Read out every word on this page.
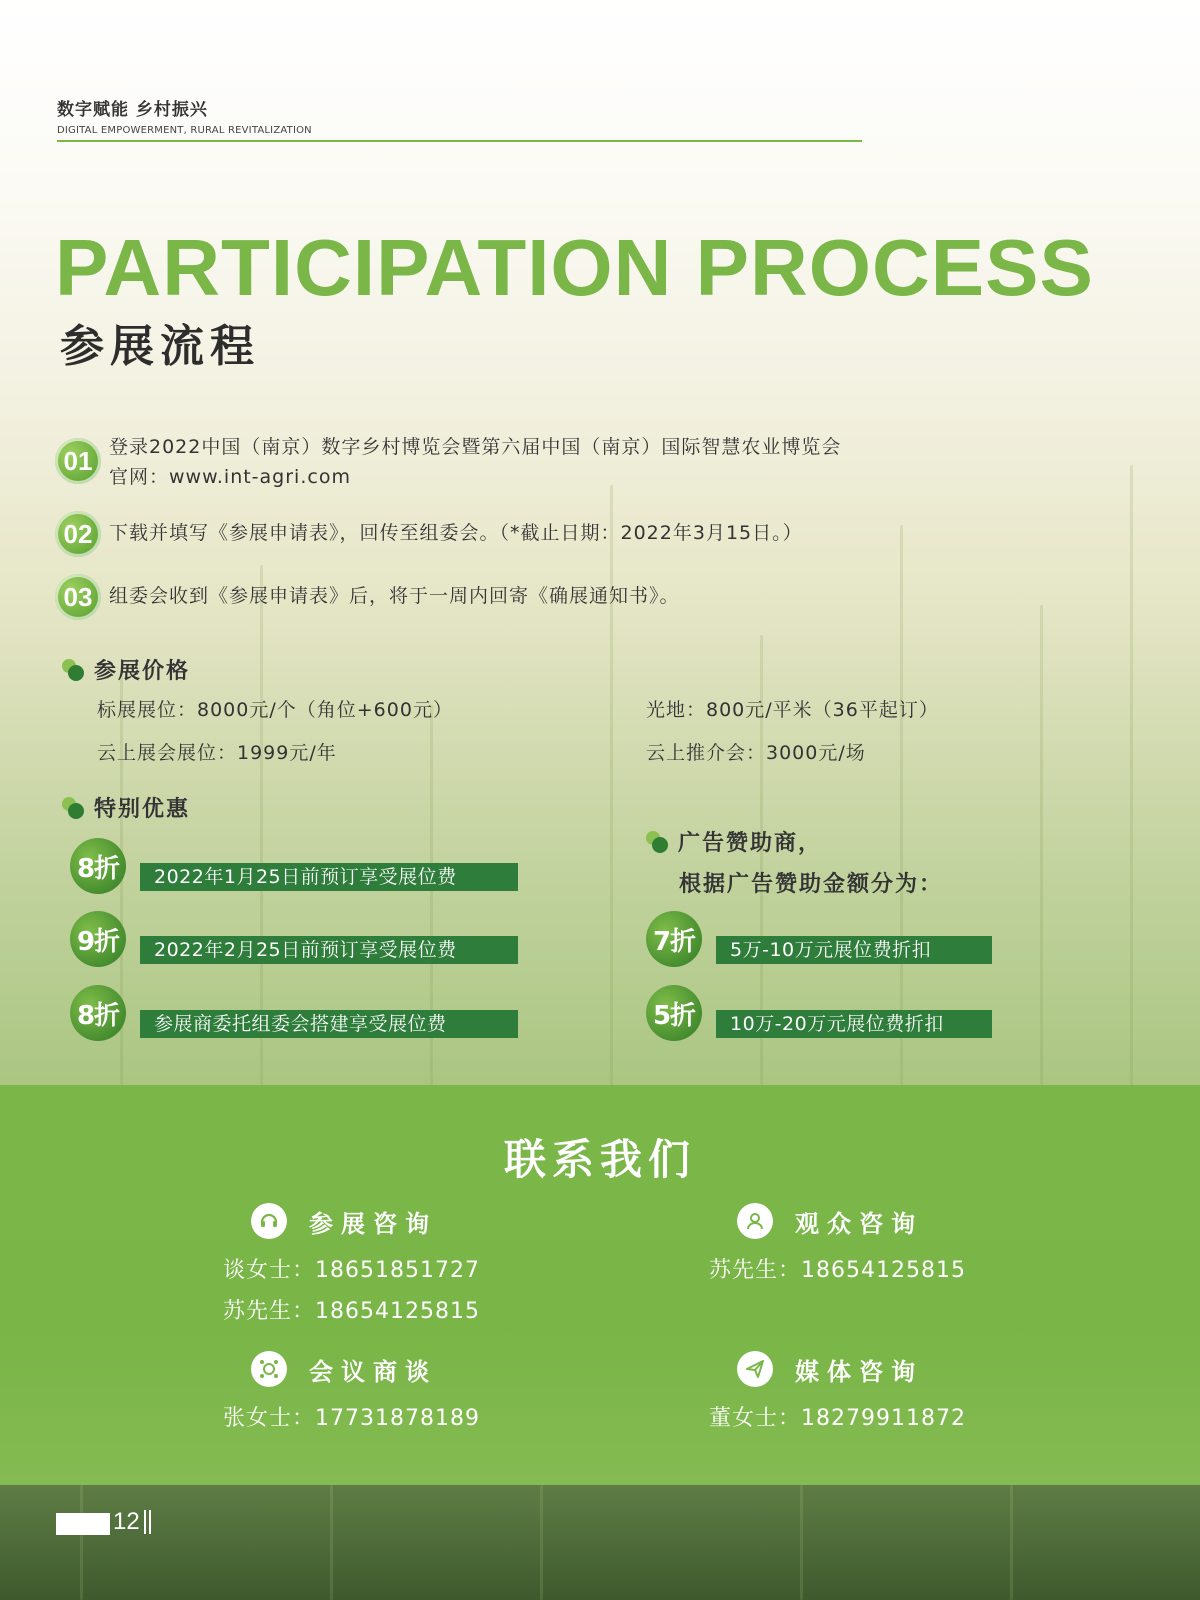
数字赋能 乡村振兴
DIGITAL EMPOWERMENT, RURAL REVITALIZATION
PARTICIPATION PROCESS
参展流程
01 登录2022中国（南京）数字乡村博览会暨第六届中国（南京）国际智慧农业博览会
官网：www.int-agri.com
02 下载并填写《参展申请表》，回传至组委会。（*截止日期：2022年3月15日。）
03 组委会收到《参展申请表》后，将于一周内回寄《确展通知书》。
参展价格
标展展位：8000元/个（角位+600元）	光地：800元/平米（36平起订）
云上展会展位：1999元/年	云上推介会：3000元/场
特别优惠
8折	2022年1月25日前预订享受展位费
9折	2022年2月25日前预订享受展位费
8折	参展商委托组委会搭建享受展位费
广告赞助商，
根据广告赞助金额分为：
7折	5万-10万元展位费折扣
5折	10万-20万元展位费折扣
联系我们
参展咨询
谈女士：18651851727
苏先生：18654125815
观众咨询
苏先生：18654125815
会议商谈
张女士：17731878189
媒体咨询
董女士：18279911872
12
